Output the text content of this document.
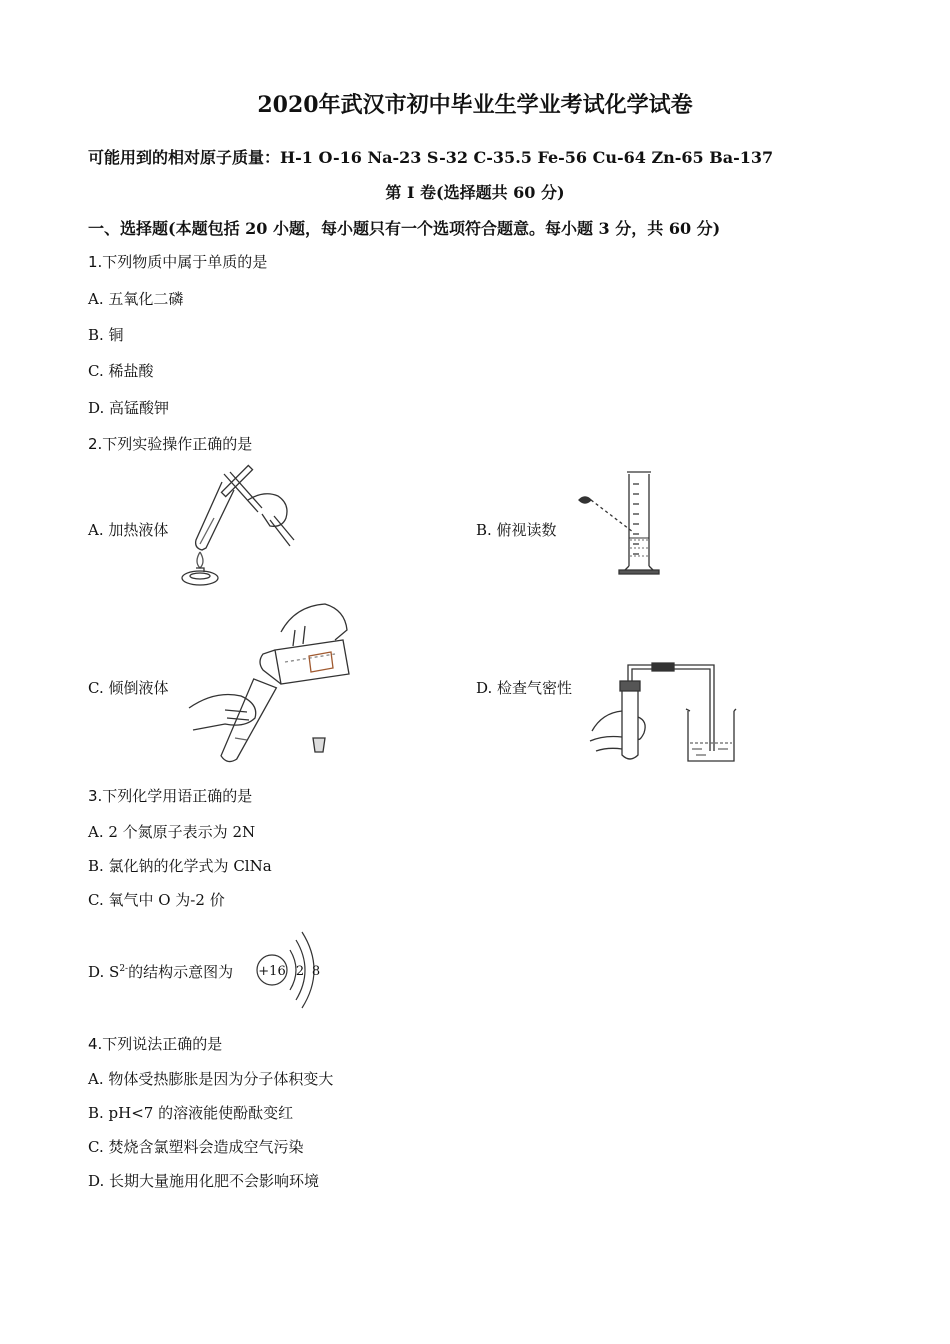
2020年武汉市初中毕业生学业考试化学试卷
可能用到的相对原子质量：H-1 O-16 Na-23 S-32 C-35.5 Fe-56 Cu-64 Zn-65 Ba-137
第 I 卷(选择题共 60 分)
一、选择题(本题包括 20 小题，每小题只有一个选项符合题意。每小题 3 分，共 60 分)
1.下列物质中属于单质的是
A. 五氧化二磷
B. 铜
C. 稀盐酸
D. 高锰酸钾
2.下列实验操作正确的是
A. 加热液体	B. 俯视读数
C. 倾倒液体	D. 检查气密性
3.下列化学用语正确的是
A. 2 个氮原子表示为 2N
B. 氯化钠的化学式为 ClNa
C. 氧气中 O 为-2 价
D. $S^{2-}$的结构示意图为 +16 2 8
4.下列说法正确的是
A. 物体受热膨胀是因为分子体积变大
B. pH<7 的溶液能使酚酞变红
C. 焚烧含氯塑料会造成空气污染
D. 长期大量施用化肥不会影响环境
